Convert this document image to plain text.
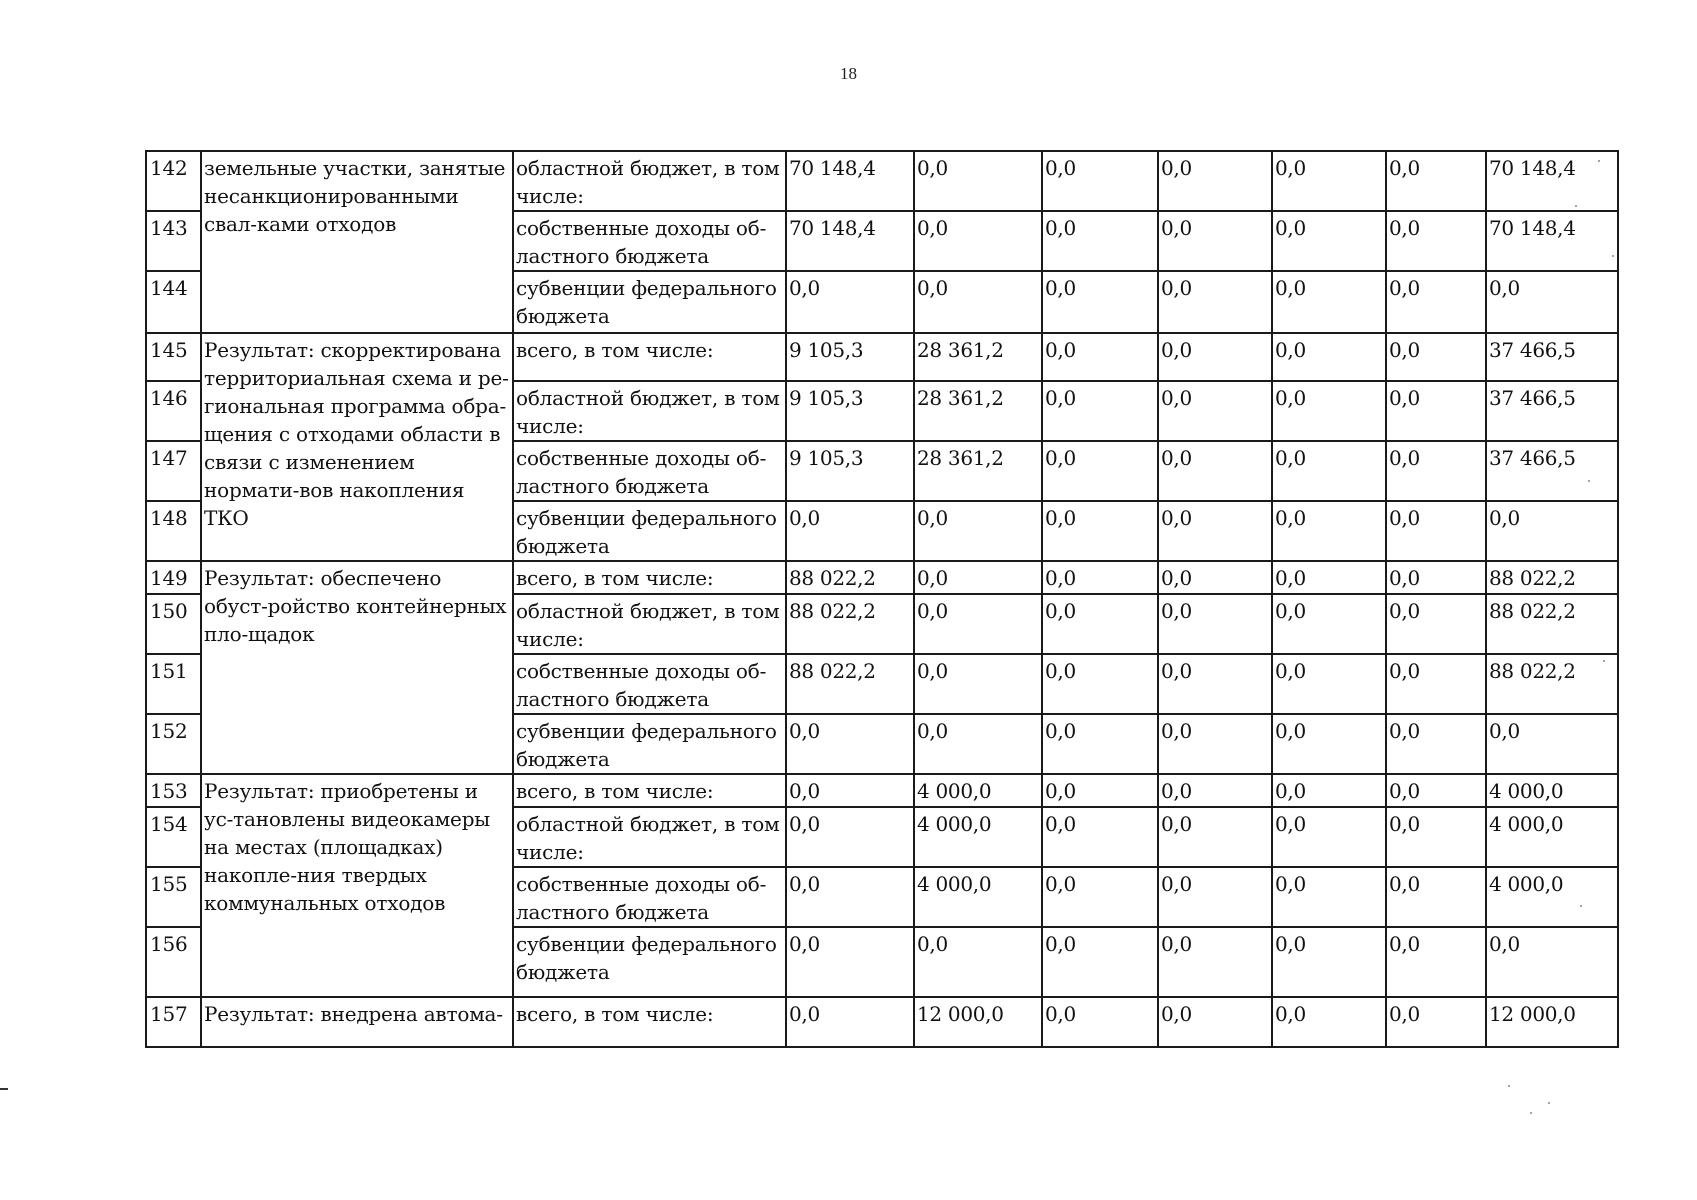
18
142	земельные участки, занятые несанкционированными свал-ками отходов	областной бюджет, в том числе:	70 148,4	0,0	0,0	0,0	0,0	0,0	70 148,4
143		собственные доходы об-ластного бюджета	70 148,4	0,0	0,0	0,0	0,0	0,0	70 148,4
144		субвенции федерального бюджета	0,0	0,0	0,0	0,0	0,0	0,0	0,0
145	Результат: скорректирована территориальная схема и ре-гиональная программа обра-щения с отходами области в связи с изменением нормати-вов накопления ТКО	всего, в том числе:	9 105,3	28 361,2	0,0	0,0	0,0	0,0	37 466,5
146		областной бюджет, в том числе:	9 105,3	28 361,2	0,0	0,0	0,0	0,0	37 466,5
147		собственные доходы об-ластного бюджета	9 105,3	28 361,2	0,0	0,0	0,0	0,0	37 466,5
148		субвенции федерального бюджета	0,0	0,0	0,0	0,0	0,0	0,0	0,0
149	Результат: обеспечено обуст-ройство контейнерных пло-щадок	всего, в том числе:	88 022,2	0,0	0,0	0,0	0,0	0,0	88 022,2
150		областной бюджет, в том числе:	88 022,2	0,0	0,0	0,0	0,0	0,0	88 022,2
151		собственные доходы об-ластного бюджета	88 022,2	0,0	0,0	0,0	0,0	0,0	88 022,2
152		субвенции федерального бюджета	0,0	0,0	0,0	0,0	0,0	0,0	0,0
153	Результат: приобретены и ус-тановлены видеокамеры на местах (площадках) накопле-ния твердых коммунальных отходов	всего, в том числе:	0,0	4 000,0	0,0	0,0	0,0	0,0	4 000,0
154		областной бюджет, в том числе:	0,0	4 000,0	0,0	0,0	0,0	0,0	4 000,0
155		собственные доходы об-ластного бюджета	0,0	4 000,0	0,0	0,0	0,0	0,0	4 000,0
156		субвенции федерального бюджета	0,0	0,0	0,0	0,0	0,0	0,0	0,0
157	Результат: внедрена автома-	всего, в том числе:	0,0	12 000,0	0,0	0,0	0,0	0,0	12 000,0
